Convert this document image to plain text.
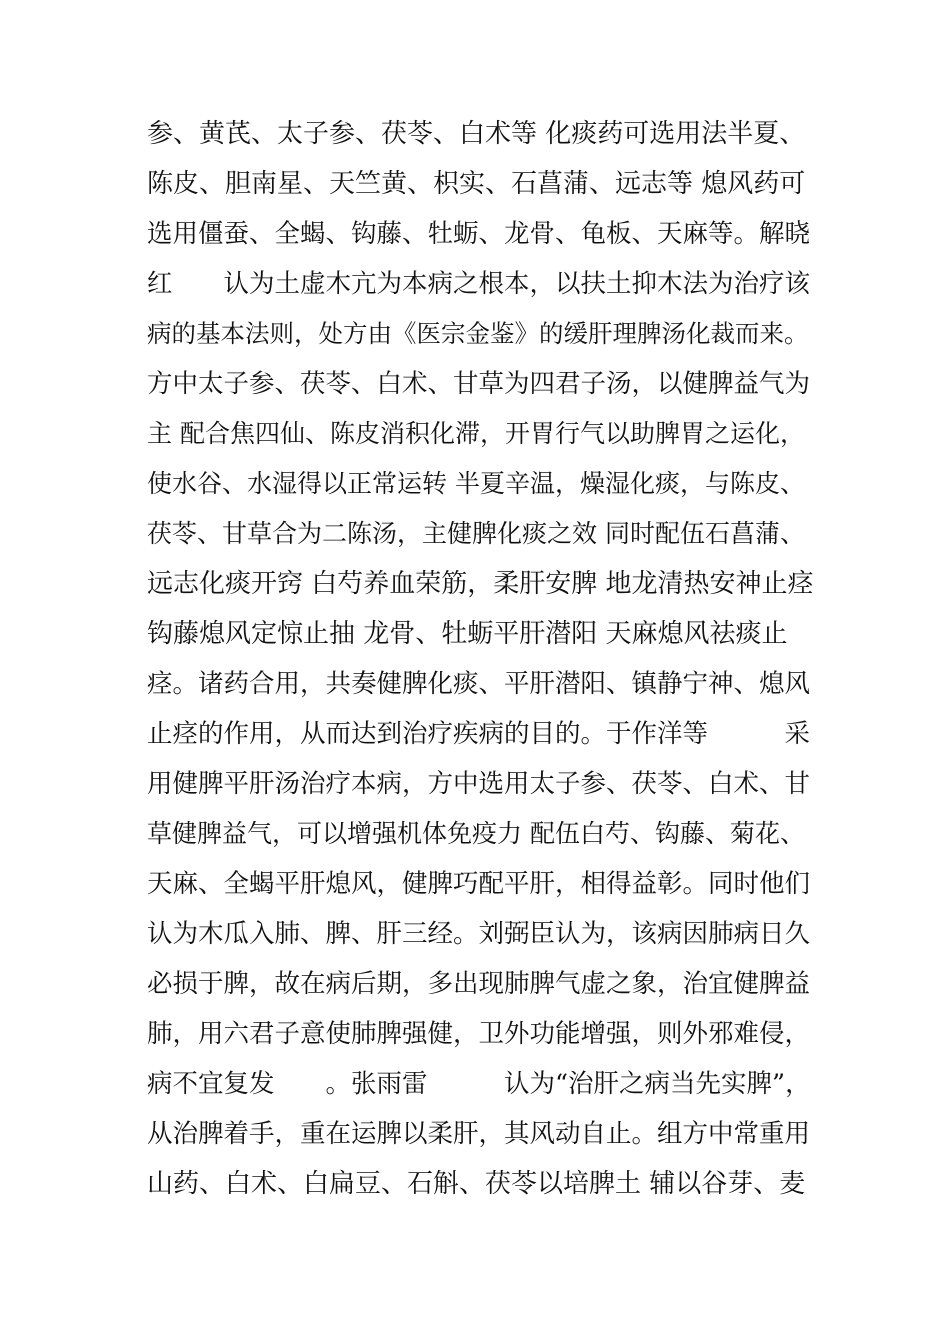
参、黄芪、太子参、茯苓、白术等 化痰药可选用法半夏、
陈皮、胆南星、天竺黄、枳实、石菖蒲、远志等 熄风药可
选用僵蚕、全蝎、钩藤、牡蛎、龙骨、龟板、天麻等。解晓
红　　认为土虚木亢为本病之根本，以扶土抑木法为治疗该
病的基本法则，处方由《医宗金鉴》的缓肝理脾汤化裁而来。
方中太子参、茯苓、白术、甘草为四君子汤，以健脾益气为
主 配合焦四仙、陈皮消积化滞，开胃行气以助脾胃之运化，
使水谷、水湿得以正常运转 半夏辛温，燥湿化痰，与陈皮、
茯苓、甘草合为二陈汤，主健脾化痰之效 同时配伍石菖蒲、
远志化痰开窍 白芍养血荣筋，柔肝安脾 地龙清热安神止痉
钩藤熄风定惊止抽 龙骨、牡蛎平肝潜阳 天麻熄风祛痰止
痉。诸药合用，共奏健脾化痰、平肝潜阳、镇静宁神、熄风
止痉的作用，从而达到治疗疾病的目的。于作洋等　　　采
用健脾平肝汤治疗本病，方中选用太子参、茯苓、白术、甘
草健脾益气，可以增强机体免疫力 配伍白芍、钩藤、菊花、
天麻、全蝎平肝熄风，健脾巧配平肝，相得益彰。同时他们
认为木瓜入肺、脾、肝三经。刘弼臣认为，该病因肺病日久
必损于脾，故在病后期，多出现肺脾气虚之象，治宜健脾益
肺，用六君子意使肺脾强健，卫外功能增强，则外邪难侵，
病不宜复发　　。张雨雷　　　认为“治肝之病当先实脾”，
从治脾着手，重在运脾以柔肝，其风动自止。组方中常重用
山药、白术、白扁豆、石斛、茯苓以培脾土 辅以谷芽、麦
